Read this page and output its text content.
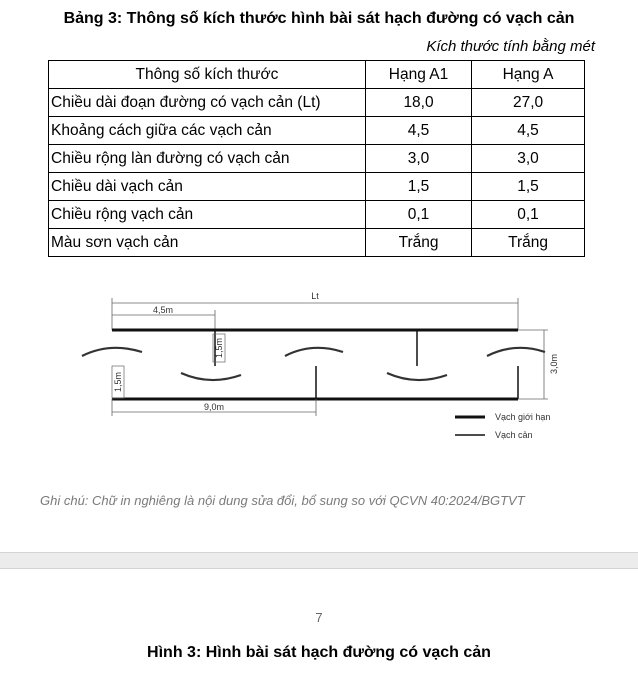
Bảng 3: Thông số kích thước hình bài sát hạch đường có vạch cản
Kích thước tính bằng mét
Thông số kích thước	Hạng A1	Hạng A
Chiều dài đoạn đường có vạch cản (Lt)	18,0	27,0
Khoảng cách giữa các vạch cản	4,5	4,5
Chiều rộng làn đường có vạch cản	3,0	3,0
Chiều dài vạch cản	1,5	1,5
Chiều rộng vạch cản	0,1	0,1
Màu sơn vạch cản	Trắng	Trắng
Lt
4,5m
1,5m
1,5m
3,0m
9,0m
Vạch giới hạn
Vạch cản
Ghi chú: Chữ in nghiêng là nội dung sửa đổi, bổ sung so với QCVN 40:2024/BGTVT
7
Hình 3: Hình bài sát hạch đường có vạch cản
